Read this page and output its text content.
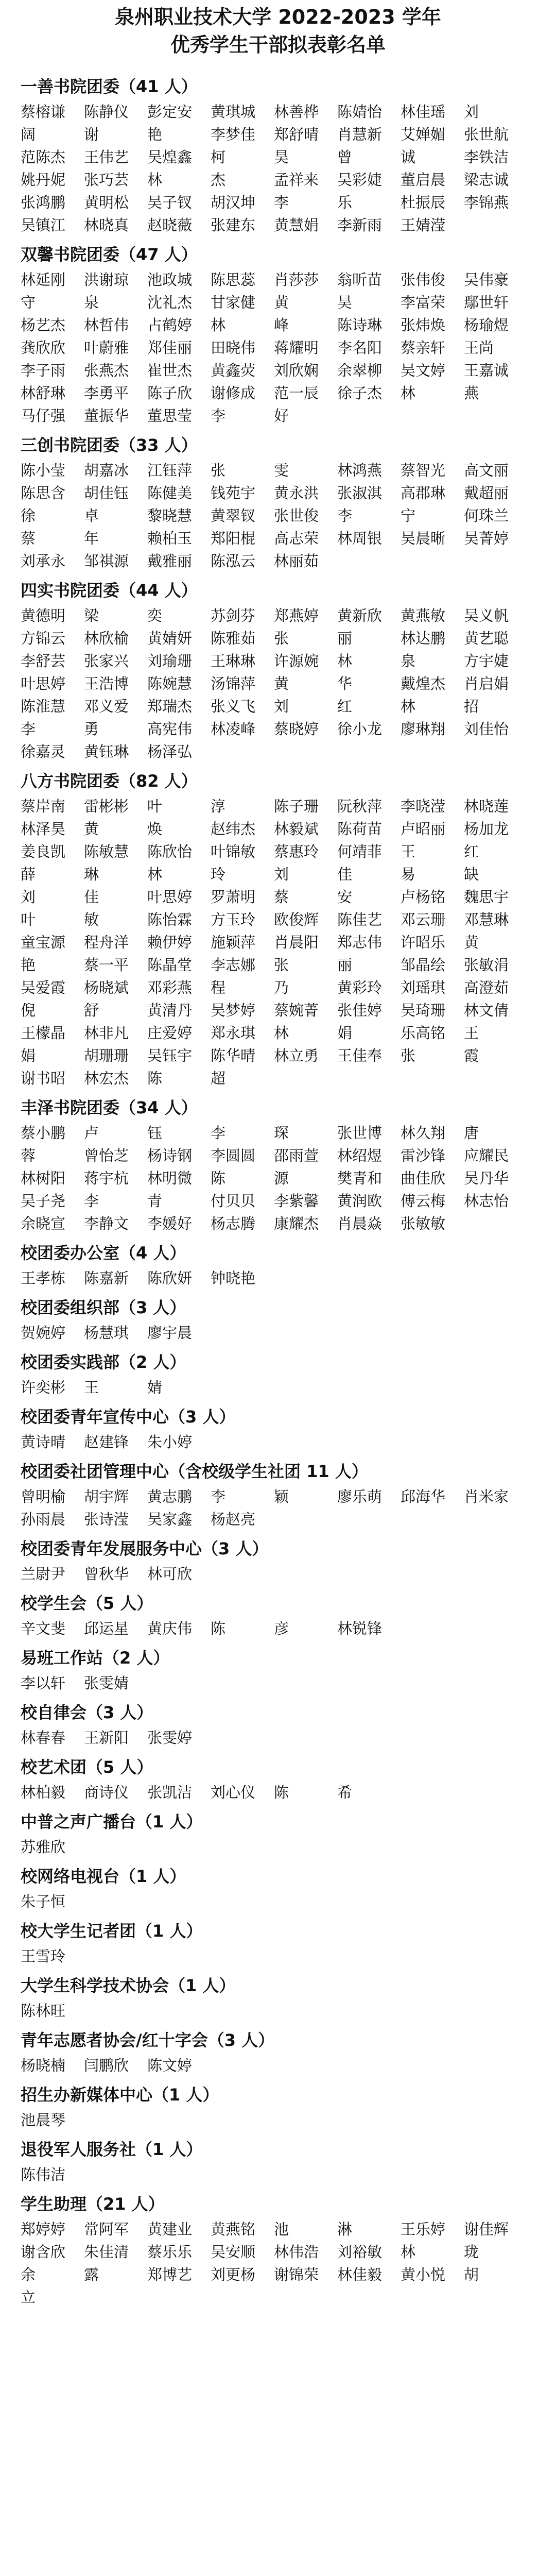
泉州职业技术大学 2022-2023 学年
优秀学生干部拟表彰名单
一善书院团委（41 人）
蔡榕谦	陈静仪	彭定安	黄琪城	林善桦	陈婧怡	林佳瑶	刘
阔	谢	艳	李梦佳	郑舒晴	肖慧新	艾婵媚	张世航
范陈杰	王伟艺	吴煌鑫	柯	昊	曾	诚	李铁洁
姚丹妮	张巧芸	林	杰	孟祥来	吴彩婕	董启晨	梁志诚
张鸿鹏	黄明松	吴子钗	胡汉坤	李	乐	杜振辰	李锦燕
吴镇江	林晓真	赵晓薇	张建东	黄慧娟	李新雨	王婧滢
双馨书院团委（47 人）
林延刚	洪谢琼	池政城	陈思蕊	肖莎莎	翁昕苗	张伟俊	吴伟豪
守	泉	沈礼杰	甘家健	黄	昊	李富荣	鄢世轩
杨艺杰	林哲伟	占鹤婷	林	峰	陈诗琳	张炜焕	杨瑜煜
龚欣欣	叶蔚雅	郑佳丽	田晓伟	蒋耀明	李名阳	蔡亲轩	王尚
李子雨	张燕杰	崔世杰	黄鑫荧	刘欣娴	余翠柳	吴文婷	王嘉诚
林舒琳	李勇平	陈子欣	谢修成	范一辰	徐子杰	林	燕
马仔强	董振华	董思莹	李	好
三创书院团委（33 人）
陈小莹	胡嘉冰	江钰萍	张	雯	林鸿燕	蔡智光	高文丽
陈思含	胡佳钰	陈健美	钱苑宇	黄永洪	张淑淇	高郡琳	戴超丽
徐	卓	黎晓慧	黄翠钗	张世俊	李	宁	何珠兰
蔡	年	赖柏玉	郑阳棍	高志荣	林周银	吴晨晰	吴菁婷
刘承永	邹祺源	戴雅丽	陈泓云	林丽茹
四实书院团委（44 人）
黄德明	梁	奕	苏剑芬	郑燕婷	黄新欣	黄燕敏	吴义帆
方锦云	林欣榆	黄婧妍	陈雅茹	张	丽	林达鹏	黄艺聪
李舒芸	张家兴	刘瑜珊	王琳琳	许源婉	林	泉	方宇婕
叶思婷	王浩博	陈婉慧	汤锦萍	黄	华	戴煌杰	肖启娟
陈淮慧	邓义爱	郑瑞杰	张义飞	刘	红	林	招
李	勇	高宪伟	林凌峰	蔡晓婷	徐小龙	廖琳翔	刘佳怡
徐嘉灵	黄钰琳	杨泽弘
八方书院团委（82 人）
蔡岸南	雷彬彬	叶	淳	陈子珊	阮秋萍	李晓滢	林晓莲
林泽昊	黄	焕	赵纬杰	林毅斌	陈荷苗	卢昭丽	杨加龙
姜良凯	陈敏慧	陈欣怡	叶锦敏	蔡惠玲	何靖菲	王	红
薛	琳	林	玲	刘	佳	易	缺
刘	佳	叶思婷	罗萧明	蔡	安	卢杨铭	魏思宇
叶	敏	陈怡霖	方玉玲	欧俊辉	陈佳艺	邓云珊	邓慧琳
童宝源	程舟洋	赖伊婷	施颖萍	肖晨阳	郑志伟	许昭乐	黄
艳	蔡一平	陈晶堂	李志娜	张	丽	邹晶绘	张敏涓
吴爱霞	杨晓斌	邓彩燕	程	乃	黄彩玲	刘瑶琪	高澄茹
倪	舒	黄清丹	吴梦婷	蔡婉菁	张佳婷	吴琦珊	林文倩
王檬晶	林非凡	庄爱婷	郑永琪	林	娟	乐高铭	王
娟	胡珊珊	吴钰宇	陈华晴	林立勇	王佳奉	张	霞
谢书昭	林宏杰	陈	超
丰泽书院团委（34 人）
蔡小鹏	卢	钰	李	琛	张世博	林久翔	唐
蓉	曾怡芝	杨诗钢	李圆圆	邵雨萱	林绍煜	雷沙锋	应耀民
林树阳	蒋宇杭	林明微	陈	源	樊青和	曲佳欣	吴丹华
吴子尧	李	青	付贝贝	李紫馨	黄润欧	傅云梅	林志怡
余晓宣	李静文	李媛好	杨志腾	康耀杰	肖晨焱	张敏敏
校团委办公室（4 人）
王孝栋	陈嘉新	陈欣妍	钟晓艳
校团委组织部（3 人）
贺婉婷	杨慧琪	廖宇晨
校团委实践部（2 人）
许奕彬	王	婧
校团委青年宣传中心（3 人）
黄诗晴	赵建锋	朱小婷
校团委社团管理中心（含校级学生社团 11 人）
曾明榆	胡宇辉	黄志鹏	李	颖	廖乐萌	邱海华	肖米家
孙雨晨	张诗滢	吴家鑫	杨赵亮
校团委青年发展服务中心（3 人）
兰尉尹	曾秋华	林可欣
校学生会（5 人）
辛文斐	邱运星	黄庆伟	陈	彦	林锐锋
易班工作站（2 人）
李以轩	张雯婧
校自律会（3 人）
林春春	王新阳	张雯婷
校艺术团（5 人）
林柏毅	商诗仪	张凯洁	刘心仪	陈	希
中普之声广播台（1 人）
苏雅欣
校网络电视台（1 人）
朱子恒
校大学生记者团（1 人）
王雪玲
大学生科学技术协会（1 人）
陈林旺
青年志愿者协会/红十字会（3 人）
杨晓楠	闫鹏欣	陈文婷
招生办新媒体中心（1 人）
池晨琴
退役军人服务社（1 人）
陈伟洁
学生助理（21 人）
郑婷婷	常阿军	黄建业	黄燕铭	池	淋	王乐婷	谢佳辉
谢含欣	朱佳清	蔡乐乐	吴安顺	林伟浩	刘裕敏	林	珑
余	露	郑博艺	刘更杨	谢锦荣	林佳毅	黄小悦	胡
立
